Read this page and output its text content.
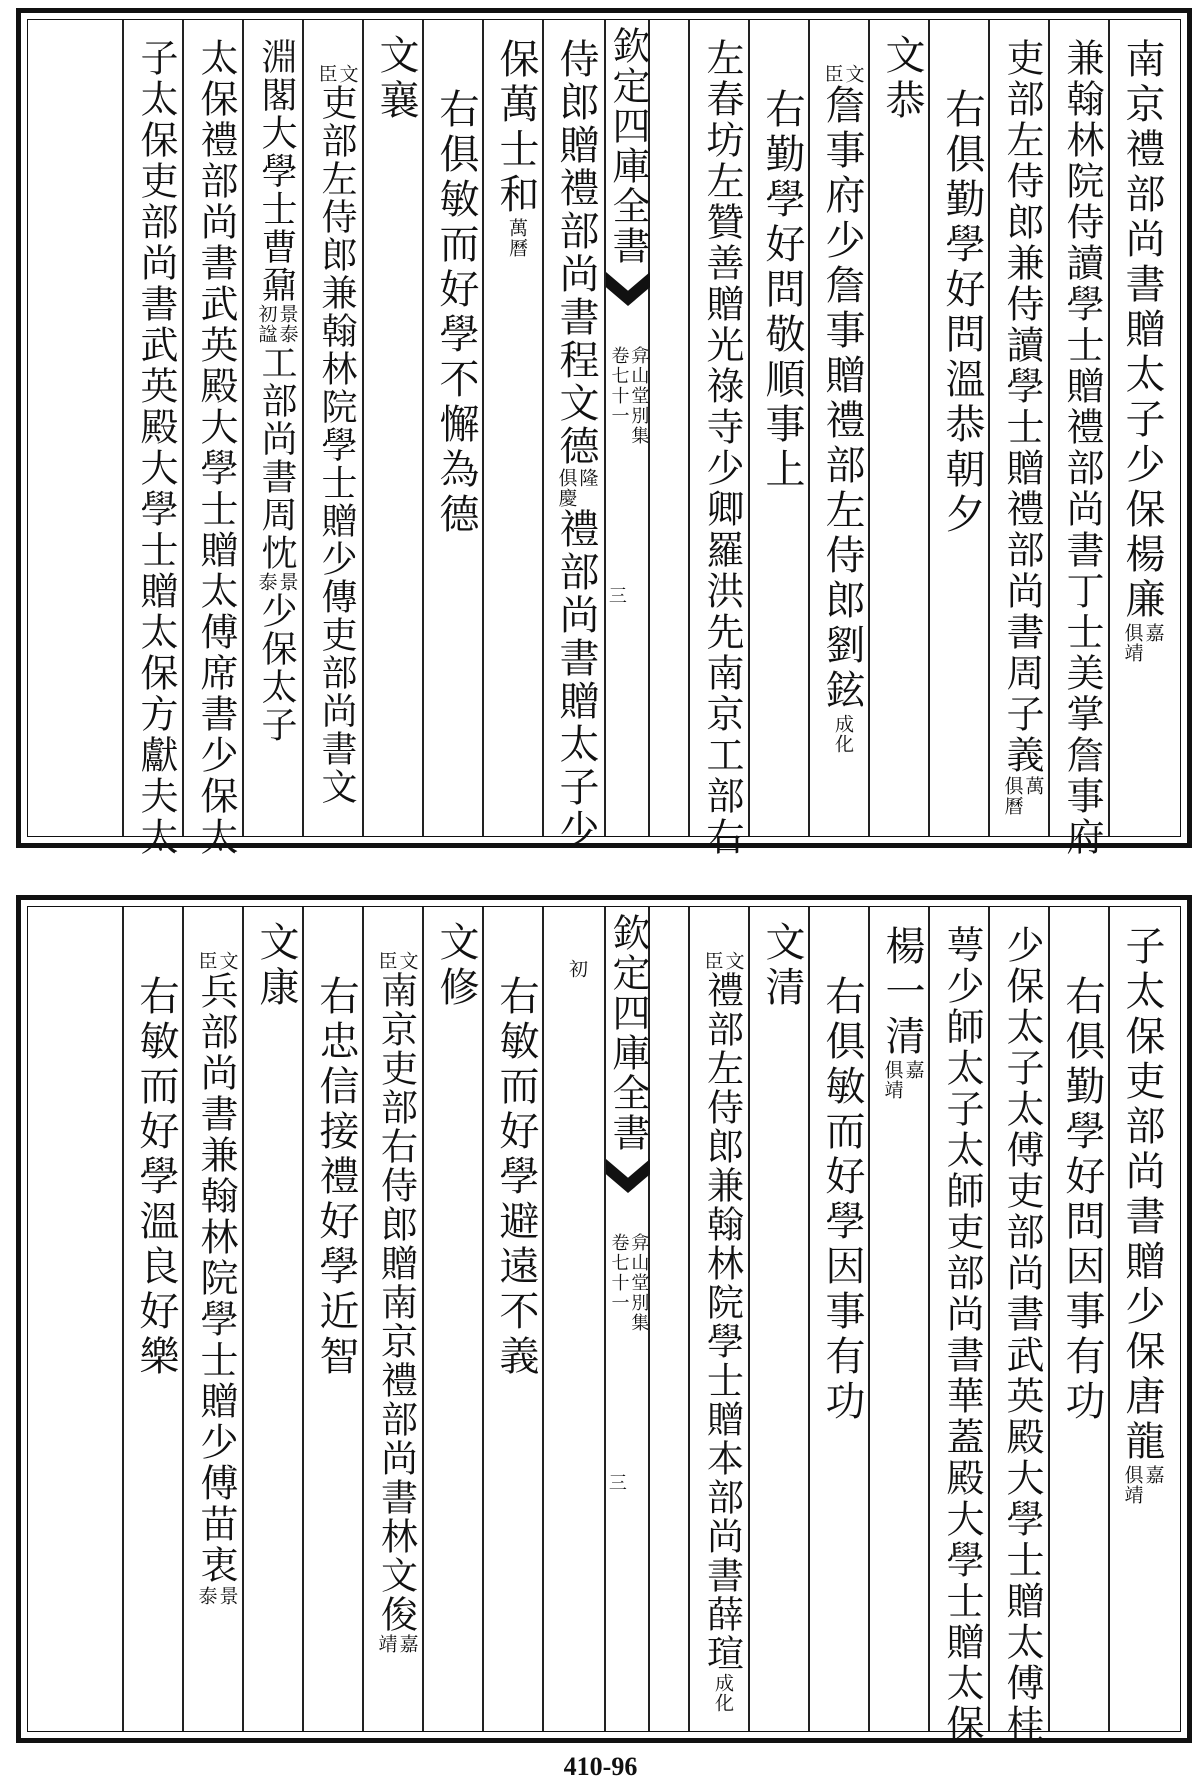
南京禮部尚書贈太子少保楊廉
嘉
俱靖
兼翰林院侍讀學士贈禮部尚書丁士美掌詹事府
吏部左侍郎兼侍讀學士贈禮部尚書周子義
萬
俱曆
右俱勤學好問溫恭朝夕
文恭
文
臣
詹事府少詹事贈禮部左侍郎劉鉉
成化
右勤學好問敬順事上
左春坊左贊善贈光祿寺少卿羅洪先南京工部右
欽定四庫全書
弇山堂別集
卷七十一
三
侍郎贈禮部尚書程文德
隆
俱慶
禮部尚書贈太子少
保萬士和
萬
曆
右俱敏而好學不懈為德
文襄
文
臣
吏部左侍郎兼翰林院學士贈少傳吏部尚書文
淵閣大學士曹鼐
景泰
初諡
工部尚書周忱
景
泰
少保太子
太保禮部尚書武英殿大學士贈太傅席書少保太
子太保吏部尚書武英殿大學士贈太保方獻夫太
子太保吏部尚書贈少保唐龍
嘉
俱靖
右俱勤學好問因事有功
少保太子太傅吏部尚書武英殿大學士贈太傅桂
萼少師太子太師吏部尚書華蓋殿大學士贈太保
楊一清
嘉
俱靖
右俱敏而好學因事有功
文清
文
臣
禮部左侍郎兼翰林院學士贈本部尚書薛瑄
成化
欽定四庫全書
弇山堂別集
卷七十一
三
初
右敏而好學避遠不義
文修
文
臣
南京吏部右侍郎贈南京禮部尚書林文俊
嘉
靖
右忠信接禮好學近智
文康
文
臣
兵部尚書兼翰林院學士贈少傅苗衷
景
泰
右敏而好學溫良好樂
410-96
